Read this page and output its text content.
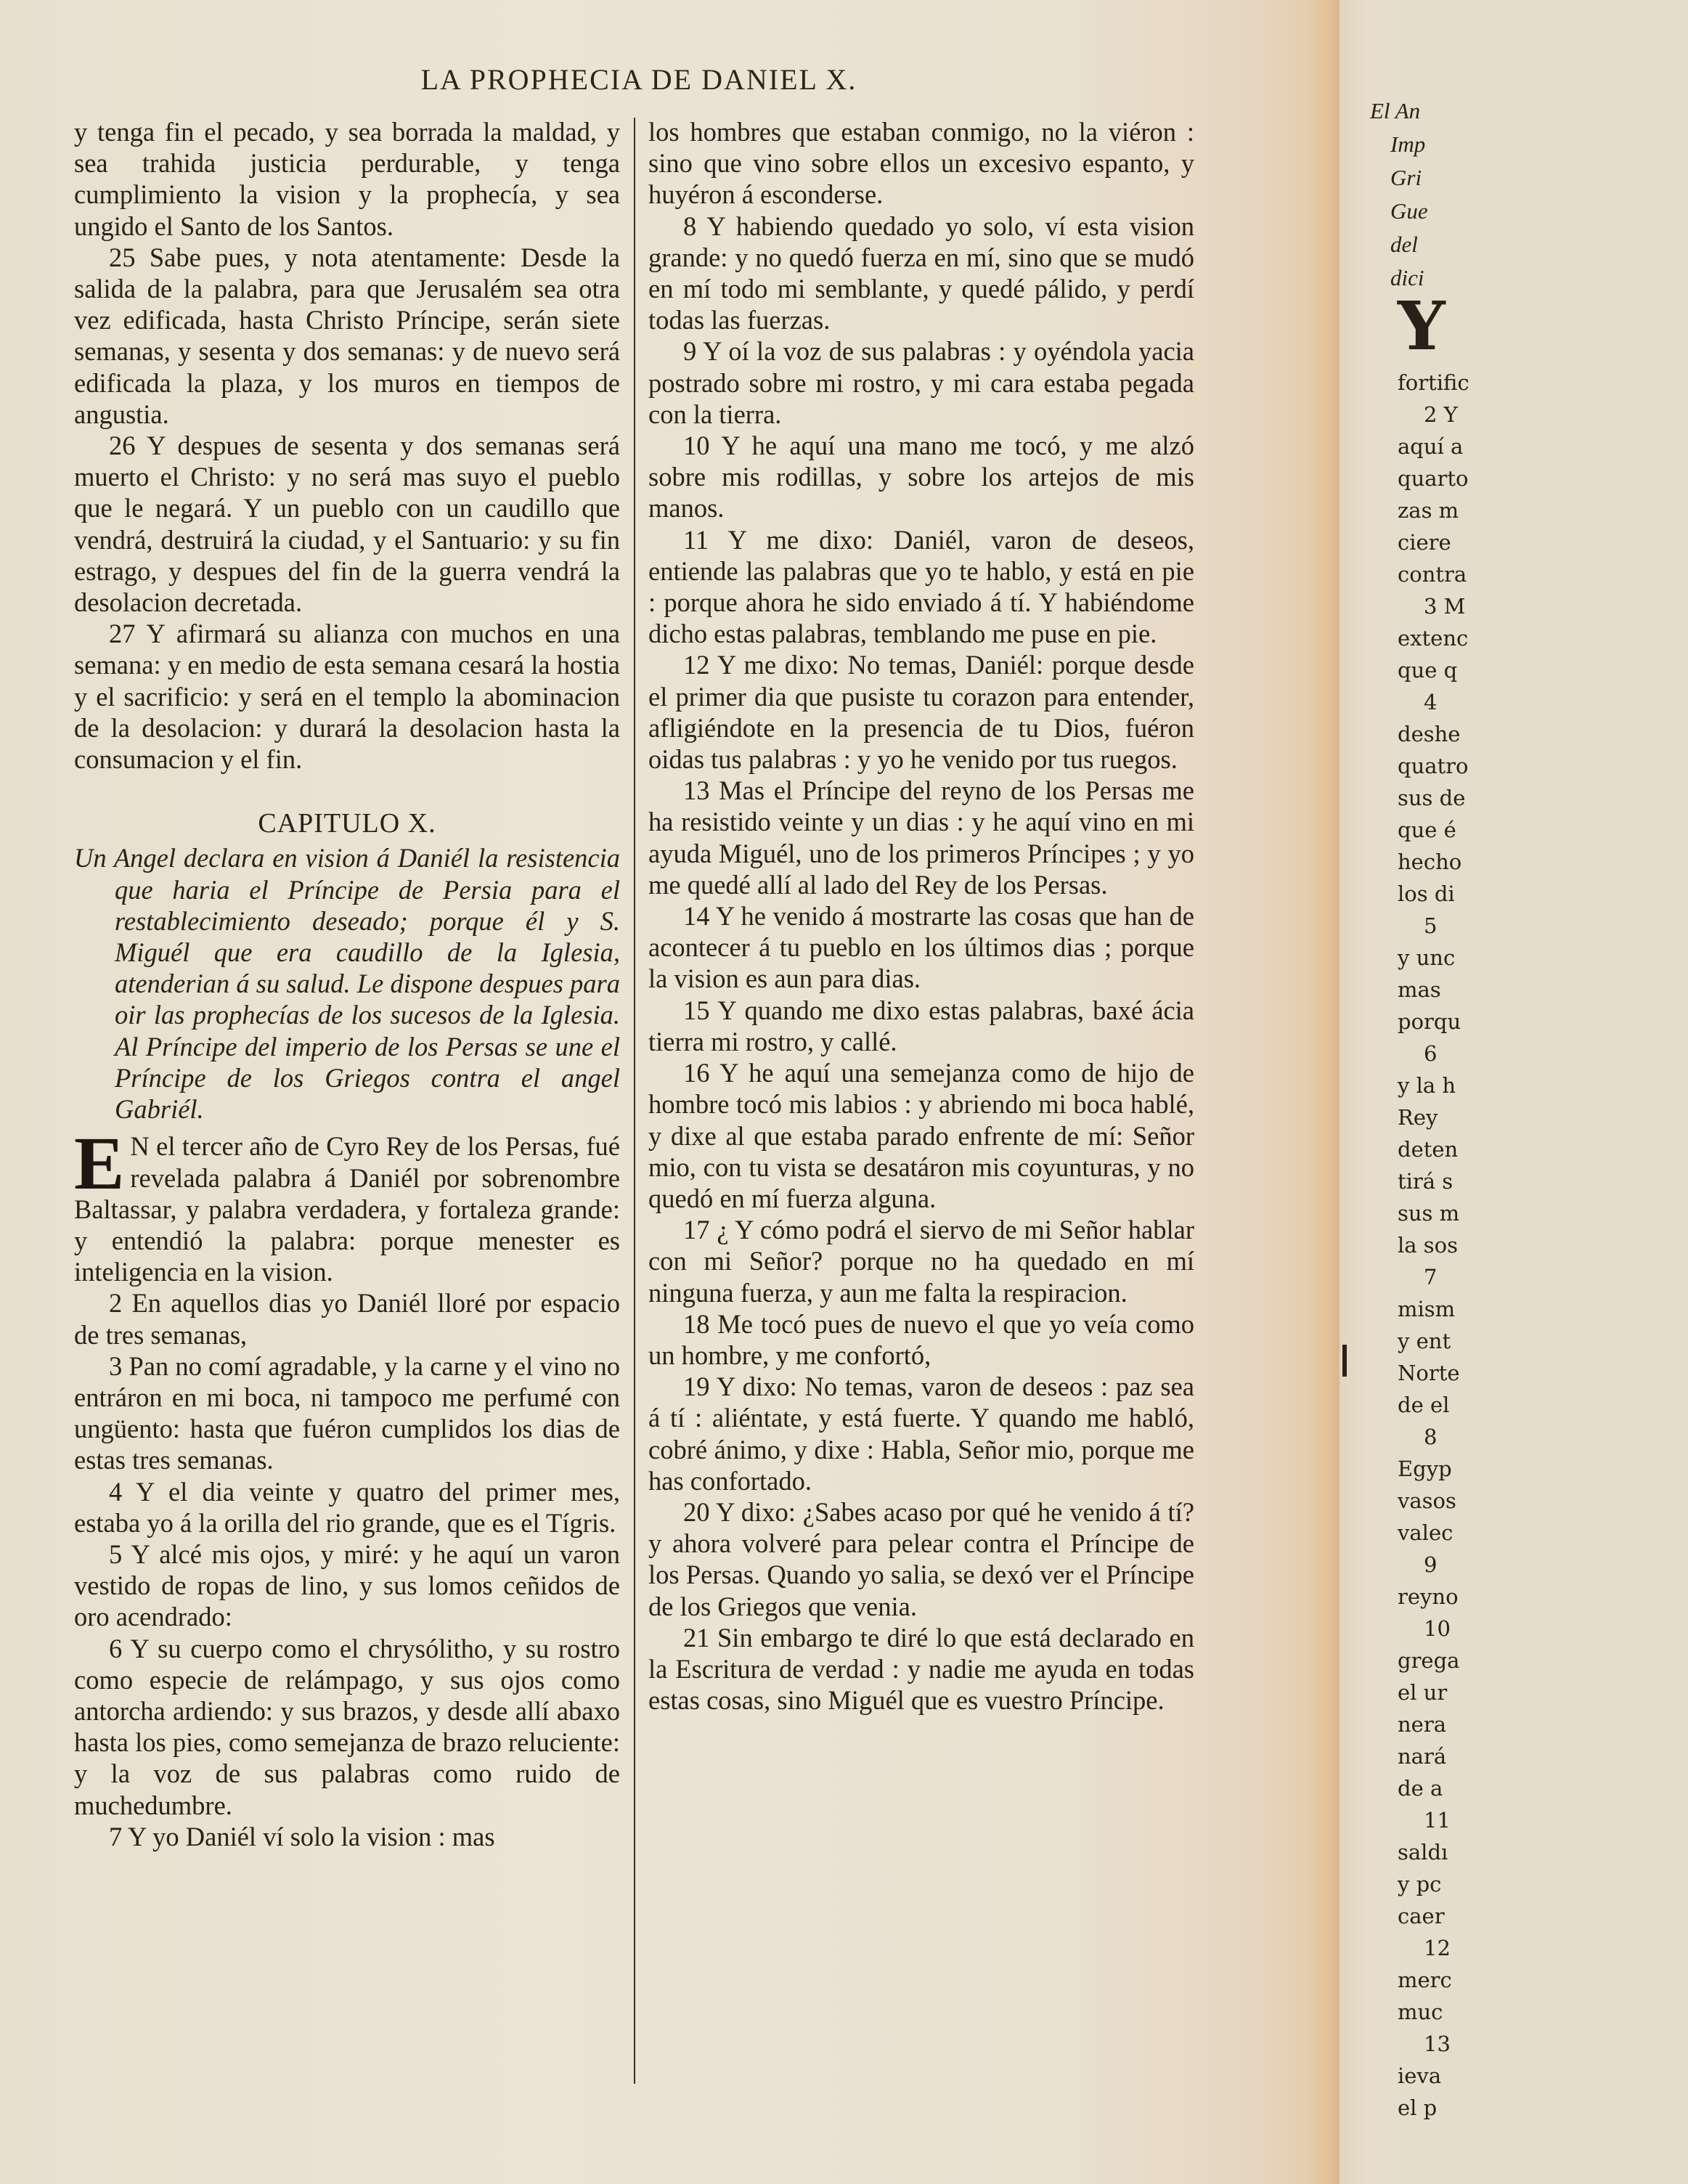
LA PROPHECIA DE DANIEL X.

y tenga fin el pecado, y sea borrada la maldad, y sea trahida justicia perdurable, y tenga cumplimiento la vision y la prophecía, y sea ungido el Santo de los Santos.

25 Sabe pues, y nota atentamente: Desde la salida de la palabra, para que Jerusalém sea otra vez edificada, hasta Christo Príncipe, serán siete semanas, y sesenta y dos semanas: y de nuevo será edificada la plaza, y los muros en tiempos de angustia.

26 Y despues de sesenta y dos semanas será muerto el Christo: y no será mas suyo el pueblo que le negará. Y un pueblo con un caudillo que vendrá, destruirá la ciudad, y el Santuario: y su fin estrago, y despues del fin de la guerra vendrá la desolacion decretada.

27 Y afirmará su alianza con muchos en una semana: y en medio de esta semana cesará la hostia y el sacrificio: y será en el templo la abominacion de la desolacion: y durará la desolacion hasta la consumacion y el fin.

CAPITULO X.

Un Angel declara en vision á Daniél la resistencia que haria el Príncipe de Persia para el restablecimiento deseado; porque él y S. Miguél que era caudillo de la Iglesia, atenderian á su salud. Le dispone despues para oir las prophecías de los sucesos de la Iglesia. Al Príncipe del imperio de los Persas se une el Príncipe de los Griegos contra el angel Gabriél.

E N el tercer año de Cyro Rey de los Persas, fué revelada palabra á Daniél por sobrenombre Baltassar, y palabra verdadera, y fortaleza grande: y entendió la palabra: porque menester es inteligencia en la vision.

2 En aquellos dias yo Daniél lloré por espacio de tres semanas,

3 Pan no comí agradable, y la carne y el vino no entráron en mi boca, ni tampoco me perfumé con ungüento: hasta que fuéron cumplidos los dias de estas tres semanas.

4 Y el dia veinte y quatro del primer mes, estaba yo á la orilla del rio grande, que es el Tígris.

5 Y alcé mis ojos, y miré: y he aquí un varon vestido de ropas de lino, y sus lomos ceñidos de oro acendrado:

6 Y su cuerpo como el chrysólitho, y su rostro como especie de relámpago, y sus ojos como antorcha ardiendo: y sus brazos, y desde allí abaxo hasta los pies, como semejanza de brazo reluciente: y la voz de sus palabras como ruido de muchedumbre.

7 Y yo Daniél ví solo la vision : mas

los hombres que estaban conmigo, no la viéron : sino que vino sobre ellos un excesivo espanto, y huyéron á esconderse.

8 Y habiendo quedado yo solo, ví esta vision grande: y no quedó fuerza en mí, sino que se mudó en mí todo mi semblante, y quedé pálido, y perdí todas las fuerzas.

9 Y oí la voz de sus palabras : y oyéndola yacia postrado sobre mi rostro, y mi cara estaba pegada con la tierra.

10 Y he aquí una mano me tocó, y me alzó sobre mis rodillas, y sobre los artejos de mis manos.

11 Y me dixo: Daniél, varon de deseos, entiende las palabras que yo te hablo, y está en pie : porque ahora he sido enviado á tí. Y habiéndome dicho estas palabras, temblando me puse en pie.

12 Y me dixo: No temas, Daniél: porque desde el primer dia que pusiste tu corazon para entender, afligiéndote en la presencia de tu Dios, fuéron oidas tus palabras : y yo he venido por tus ruegos.

13 Mas el Príncipe del reyno de los Persas me ha resistido veinte y un dias : y he aquí vino en mi ayuda Miguél, uno de los primeros Príncipes ; y yo me quedé allí al lado del Rey de los Persas.

14 Y he venido á mostrarte las cosas que han de acontecer á tu pueblo en los últimos dias ; porque la vision es aun para dias.

15 Y quando me dixo estas palabras, baxé ácia tierra mi rostro, y callé.

16 Y he aquí una semejanza como de hijo de hombre tocó mis labios : y abriendo mi boca hablé, y dixe al que estaba parado enfrente de mí: Señor mio, con tu vista se desatáron mis coyunturas, y no quedó en mí fuerza alguna.

17 ¿ Y cómo podrá el siervo de mi Señor hablar con mi Señor? porque no ha quedado en mí ninguna fuerza, y aun me falta la respiracion.

18 Me tocó pues de nuevo el que yo veía como un hombre, y me confortó,

19 Y dixo: No temas, varon de deseos : paz sea á tí : aliéntate, y está fuerte. Y quando me habló, cobré ánimo, y dixe : Habla, Señor mio, porque me has confortado.

20 Y dixo: ¿Sabes acaso por qué he venido á tí? y ahora volveré para pelear contra el Príncipe de los Persas. Quando yo salia, se dexó ver el Príncipe de los Griegos que venia.

21 Sin embargo te diré lo que está declarado en la Escritura de verdad : y nadie me ayuda en todas estas cosas, sino Miguél que es vuestro Príncipe.

El An
Imp
Gri
Gue
del
dici
Y
fortific
2 Y
aquí a
quarto
zas m
ciere
contra
3 M
extenc
que q
4
deshe
quatro
sus de
que é
hecho
los di
5
y unc
mas
porqu
6
y la h
Rey
deten
tirá s
sus m
la sos
7
mism
y ent
Norte
de el
8
Egyp
vasos
valec
9
reyno
10
grega
el ur
nera
nará
de a
11
saldı
y pc
caer
12
merc
muc
13
ieva
el p
